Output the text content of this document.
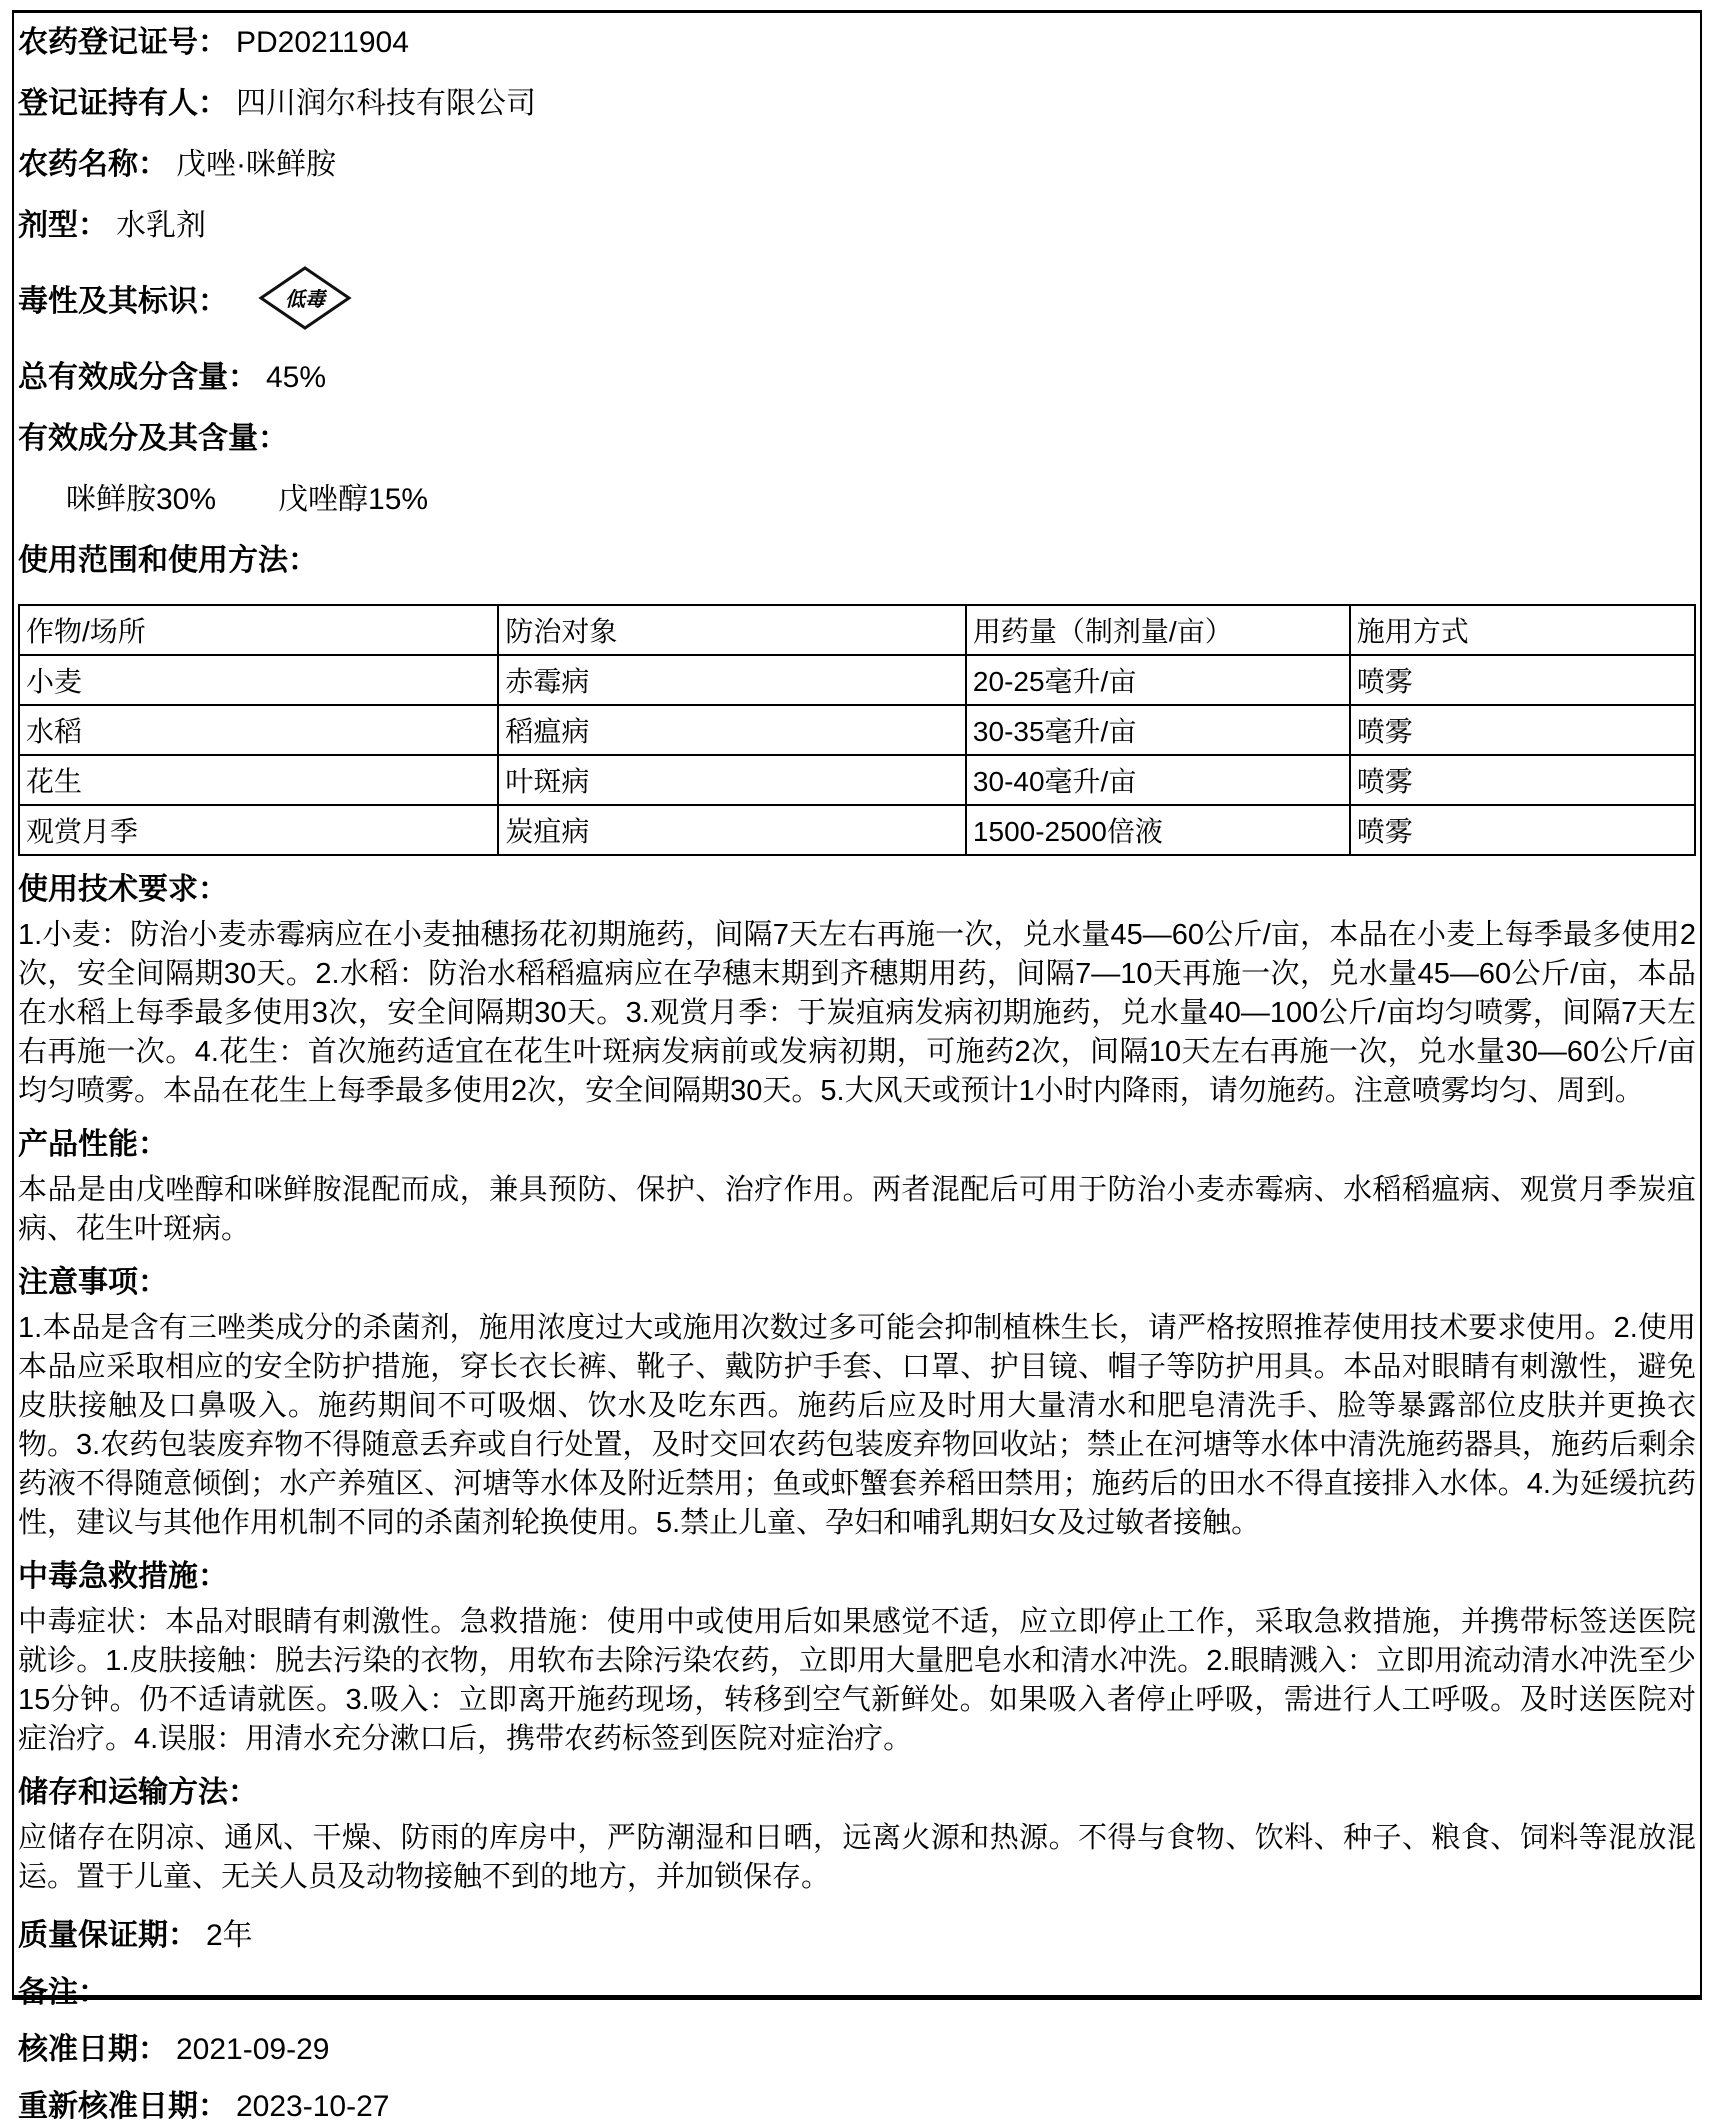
农药登记证号： PD20211904
登记证持有人： 四川润尔科技有限公司
农药名称： 戊唑·咪鲜胺
剂型： 水乳剂
毒性及其标识：	低毒
总有效成分含量： 45%
有效成分及其含量：
咪鲜胺30% 戊唑醇15%
使用范围和使用方法：
作物/场所	防治对象	用药量（制剂量/亩）	施用方式
小麦	赤霉病	20-25毫升/亩	喷雾
水稻	稻瘟病	30-35毫升/亩	喷雾
花生	叶斑病	30-40毫升/亩	喷雾
观赏月季	炭疽病	1500-2500倍液	喷雾
使用技术要求：
1.小麦：防治小麦赤霉病应在小麦抽穗扬花初期施药，间隔7天左右再施一次，兑水量45—60公斤/亩，本品在小麦上每季最多使用2次，安全间隔期30天。2.水稻：防治水稻稻瘟病应在孕穗末期到齐穗期用药，间隔7—10天再施一次，兑水量45—60公斤/亩，本品在水稻上每季最多使用3次，安全间隔期30天。3.观赏月季：于炭疽病发病初期施药，兑水量40—100公斤/亩均匀喷雾，间隔7天左右再施一次。4.花生：首次施药适宜在花生叶斑病发病前或发病初期，可施药2次，间隔10天左右再施一次，兑水量30—60公斤/亩均匀喷雾。本品在花生上每季最多使用2次，安全间隔期30天。5.大风天或预计1小时内降雨，请勿施药。注意喷雾均匀、周到。
产品性能：
本品是由戊唑醇和咪鲜胺混配而成，兼具预防、保护、治疗作用。两者混配后可用于防治小麦赤霉病、水稻稻瘟病、观赏月季炭疽病、花生叶斑病。
注意事项：
1.本品是含有三唑类成分的杀菌剂，施用浓度过大或施用次数过多可能会抑制植株生长，请严格按照推荐使用技术要求使用。2.使用本品应采取相应的安全防护措施，穿长衣长裤、靴子、戴防护手套、口罩、护目镜、帽子等防护用具。本品对眼睛有刺激性，避免皮肤接触及口鼻吸入。施药期间不可吸烟、饮水及吃东西。施药后应及时用大量清水和肥皂清洗手、脸等暴露部位皮肤并更换衣物。3.农药包装废弃物不得随意丢弃或自行处置，及时交回农药包装废弃物回收站；禁止在河塘等水体中清洗施药器具，施药后剩余药液不得随意倾倒；水产养殖区、河塘等水体及附近禁用；鱼或虾蟹套养稻田禁用；施药后的田水不得直接排入水体。4.为延缓抗药性，建议与其他作用机制不同的杀菌剂轮换使用。5.禁止儿童、孕妇和哺乳期妇女及过敏者接触。
中毒急救措施：
中毒症状：本品对眼睛有刺激性。急救措施：使用中或使用后如果感觉不适，应立即停止工作，采取急救措施，并携带标签送医院就诊。1.皮肤接触：脱去污染的衣物，用软布去除污染农药，立即用大量肥皂水和清水冲洗。2.眼睛溅入：立即用流动清水冲洗至少15分钟。仍不适请就医。3.吸入：立即离开施药现场，转移到空气新鲜处。如果吸入者停止呼吸，需进行人工呼吸。及时送医院对症治疗。4.误服：用清水充分漱口后，携带农药标签到医院对症治疗。
储存和运输方法：
应储存在阴凉、通风、干燥、防雨的库房中，严防潮湿和日晒，远离火源和热源。不得与食物、饮料、种子、粮食、饲料等混放混运。置于儿童、无关人员及动物接触不到的地方，并加锁保存。
质量保证期： 2年
备注：
核准日期： 2021-09-29
重新核准日期： 2023-10-27
